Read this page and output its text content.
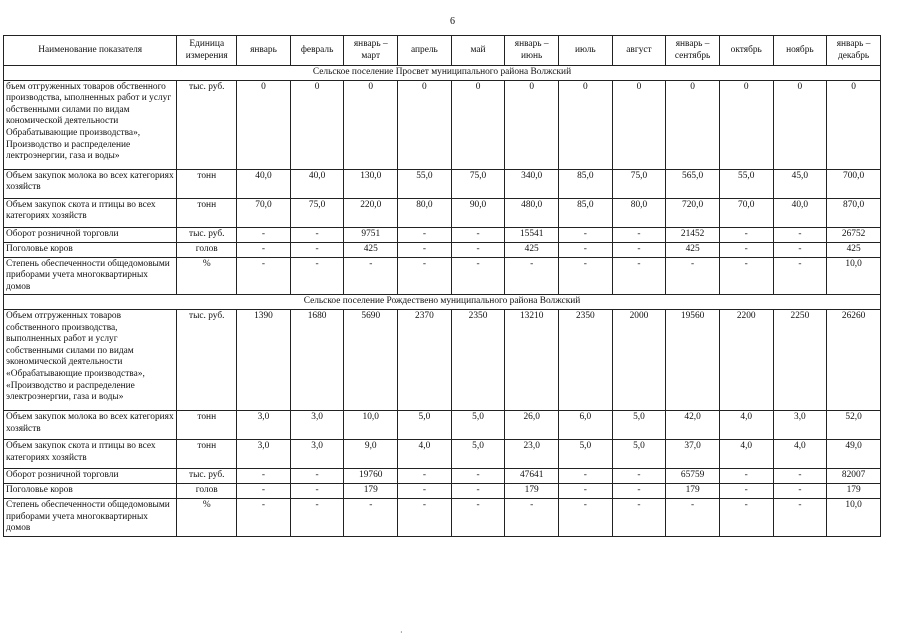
6
Наименование показателя	Единица измерения	январь	февраль	январь – март	апрель	май	январь – июнь	июль	август	январь – сентябрь	октябрь	ноябрь	январь – декабрь
Сельское поселение Просвет муниципального района Волжский													
бъем отгруженных товаров обственного производства, ыполненных работ и услуг обственными силами по видам кономической деятельности Обрабатывающие производства», Производство и распределение лектроэнергии, газа и воды»	тыс. руб.	0	0	0	0	0	0	0	0	0	0	0	0
Объем закупок молока во всех категориях хозяйств	тонн	40,0	40,0	130,0	55,0	75,0	340,0	85,0	75,0	565,0	55,0	45,0	700,0
Объем закупок скота и птицы во всех категориях хозяйств	тонн	70,0	75,0	220,0	80,0	90,0	480,0	85,0	80,0	720,0	70,0	40,0	870,0
Оборот розничной торговли	тыс. руб.	-	-	9751	-	-	15541	-	-	21452	-	-	26752
Поголовье коров	голов	-	-	425	-	-	425	-	-	425	-	-	425
Степень обеспеченности общедомовыми приборами учета многоквартирных домов	%	-	-	-	-	-	-	-	-	-	-	-	10,0
Сельское поселение Рождествено муниципального района Волжский													
Объем отгруженных товаров собственного производства, выполненных работ и услуг собственными силами по видам экономической деятельности «Обрабатывающие производства», «Производство и распределение электроэнергии, газа и воды»	тыс. руб.	1390	1680	5690	2370	2350	13210	2350	2000	19560	2200	2250	26260
Объем закупок молока во всех категориях хозяйств	тонн	3,0	3,0	10,0	5,0	5,0	26,0	6,0	5,0	42,0	4,0	3,0	52,0
Объем закупок скота и птицы во всех категориях хозяйств	тонн	3,0	3,0	9,0	4,0	5,0	23,0	5,0	5,0	37,0	4,0	4,0	49,0
Оборот розничной торговли	тыс. руб.	-	-	19760	-	-	47641	-	-	65759	-	-	82007
Поголовье коров	голов	-	-	179	-	-	179	-	-	179	-	-	179
Степень обеспеченности общедомовыми приборами учета многоквартирных домов	%	-	-	-	-	-	-	-	-	-	-	-	10,0
·
